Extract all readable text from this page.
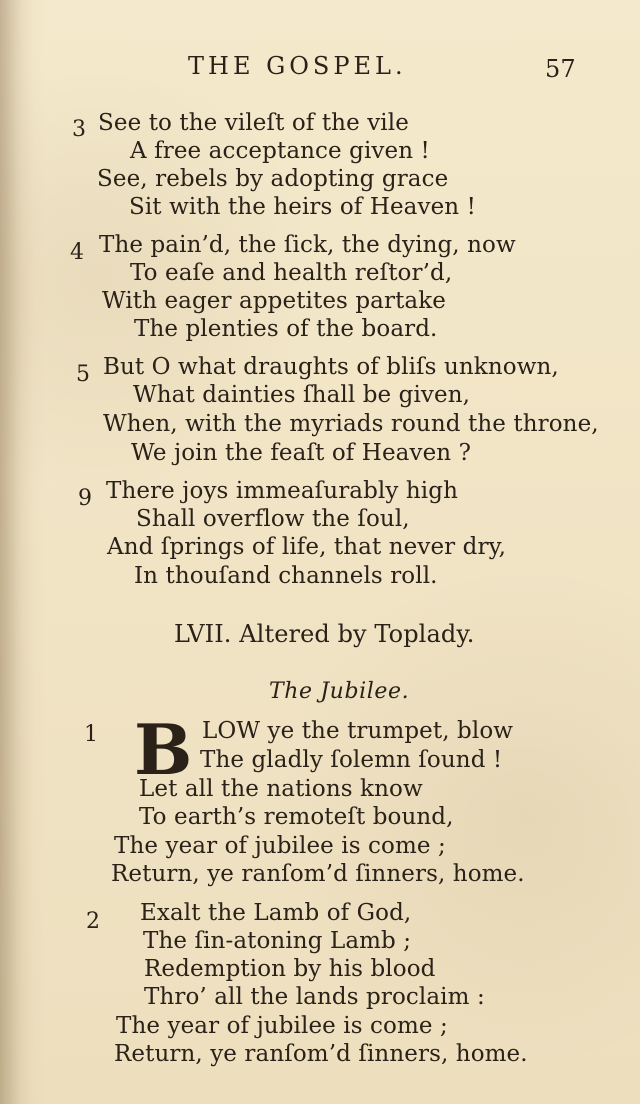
THE GOSPEL.	57
3 See to the vileſt of the vile
A free acceptance given !
See, rebels by adopting grace
Sit with the heirs of Heaven !
4 The pain’d, the ſick, the dying, now
To eaſe and health reſtor’d,
With eager appetites partake
The plenties of the board.
5 But O what draughts of bliſs unknown,
What dainties ſhall be given,
When, with the myriads round the throne,
We join the feaſt of Heaven ?
9 There joys immeaſurably high
Shall overflow the ſoul,
And ſprings of life, that never dry,
In thouſand channels roll.
LVII. Altered by Toplady.
The Jubilee.
1 B LOW ye the trumpet, blow
The gladly ſolemn ſound !
Let all the nations know
To earth’s remoteſt bound,
The year of jubilee is come ;
Return, ye ranſom’d ſinners, home.
2 Exalt the Lamb of God,
The ſin-atoning Lamb ;
Redemption by his blood
Thro’ all the lands proclaim :
The year of jubilee is come ;
Return, ye ranſom’d ſinners, home.
